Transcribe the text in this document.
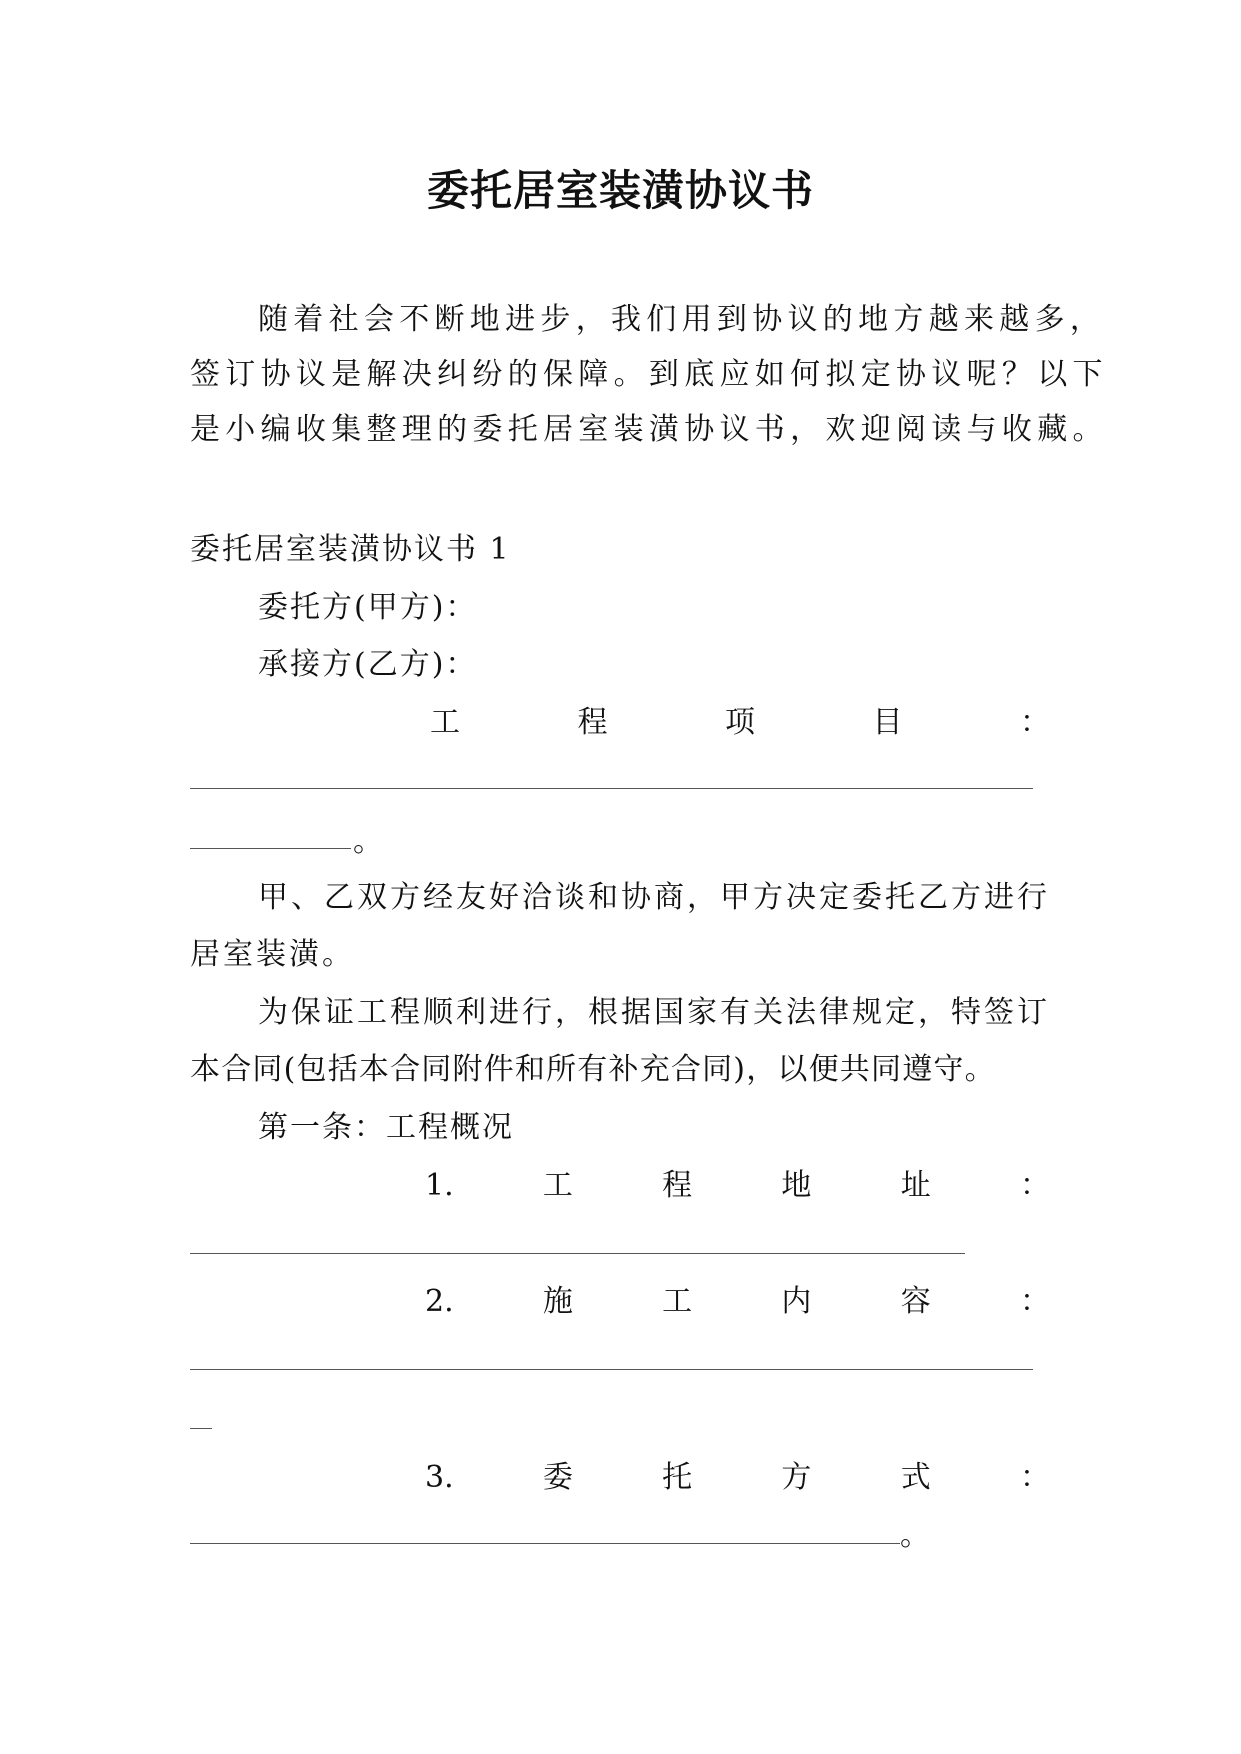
委托居室装潢协议书
随着社会不断地进步，我们用到协议的地方越来越多，
签订协议是解决纠纷的保障。到底应如何拟定协议呢？以下
是小编收集整理的委托居室装潢协议书，欢迎阅读与收藏。
委托居室装潢协议书 1
委托方(甲方)：
承接方(乙方)：
工	程	项	目	：
。
甲、乙双方经友好洽谈和协商，甲方决定委托乙方进行
居室装潢。
为保证工程顺利进行，根据国家有关法律规定，特签订
本合同(包括本合同附件和所有补充合同)，以便共同遵守。
第一条：工程概况
1.	工	程	地	址	：
2.	施	工	内	容	：
3.	委	托	方	式	：
。
